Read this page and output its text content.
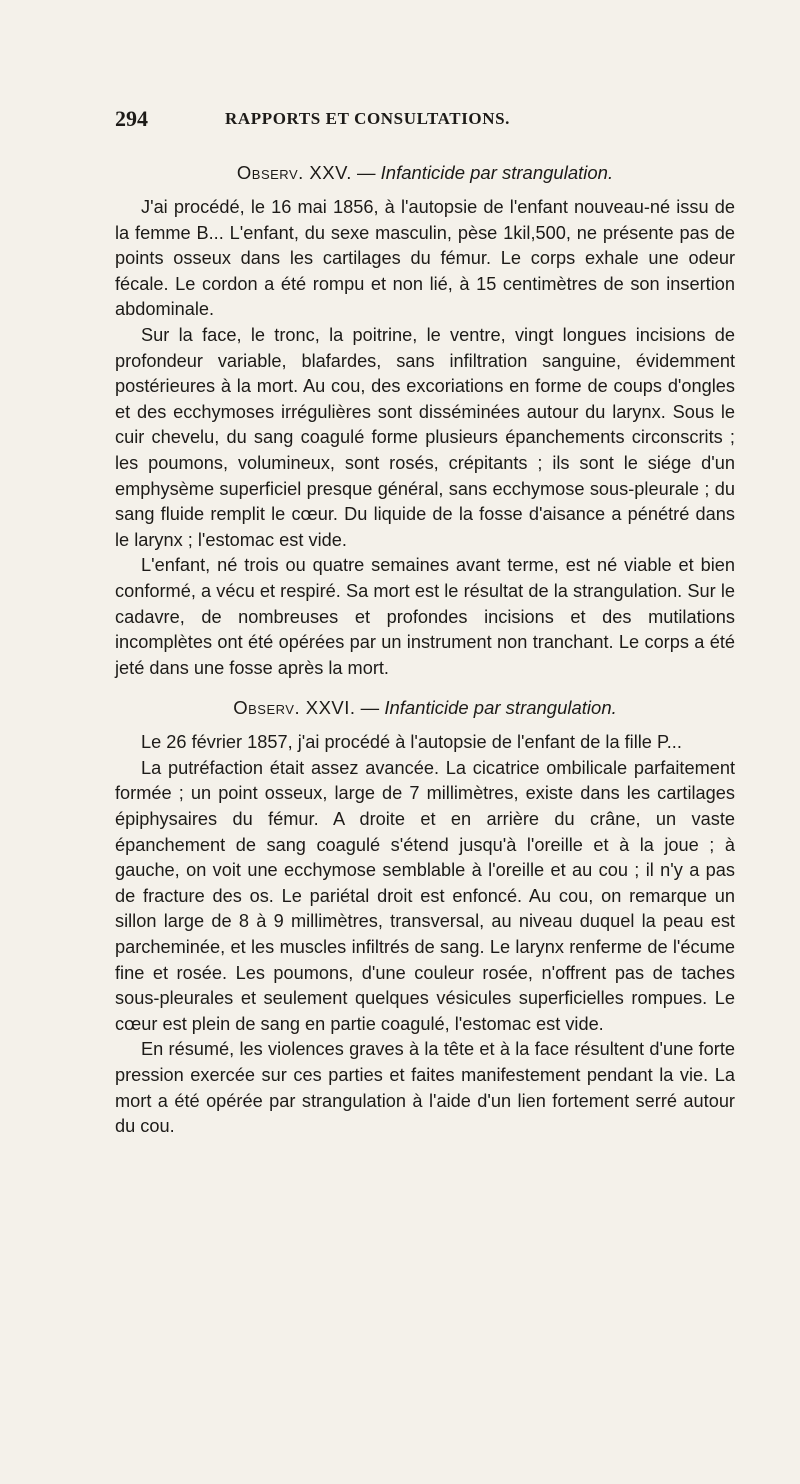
294	RAPPORTS ET CONSULTATIONS.
Observ. XXV. — Infanticide par strangulation.

J'ai procédé, le 16 mai 1856, à l'autopsie de l'enfant nouveau-né issu de la femme B... L'enfant, du sexe masculin, pèse 1kil,500, ne présente pas de points osseux dans les cartilages du fémur. Le corps exhale une odeur fécale. Le cordon a été rompu et non lié, à 15 centimètres de son insertion abdominale.

Sur la face, le tronc, la poitrine, le ventre, vingt longues incisions de profondeur variable, blafardes, sans infiltration sanguine, évidemment postérieures à la mort. Au cou, des excoriations en forme de coups d'ongles et des ecchymoses irrégulières sont disséminées autour du larynx. Sous le cuir chevelu, du sang coagulé forme plusieurs épanchements circonscrits ; les poumons, volumineux, sont rosés, crépitants ; ils sont le siége d'un emphysème superficiel presque général, sans ecchymose sous-pleurale ; du sang fluide remplit le cœur. Du liquide de la fosse d'aisance a pénétré dans le larynx ; l'estomac est vide.

L'enfant, né trois ou quatre semaines avant terme, est né viable et bien conformé, a vécu et respiré. Sa mort est le résultat de la strangulation. Sur le cadavre, de nombreuses et profondes incisions et des mutilations incomplètes ont été opérées par un instrument non tranchant. Le corps a été jeté dans une fosse après la mort.

Observ. XXVI. — Infanticide par strangulation.

Le 26 février 1857, j'ai procédé à l'autopsie de l'enfant de la fille P...

La putréfaction était assez avancée. La cicatrice ombilicale parfaitement formée ; un point osseux, large de 7 millimètres, existe dans les cartilages épiphysaires du fémur. A droite et en arrière du crâne, un vaste épanchement de sang coagulé s'étend jusqu'à l'oreille et à la joue ; à gauche, on voit une ecchymose semblable à l'oreille et au cou ; il n'y a pas de fracture des os. Le pariétal droit est enfoncé. Au cou, on remarque un sillon large de 8 à 9 millimètres, transversal, au niveau duquel la peau est parcheminée, et les muscles infiltrés de sang. Le larynx renferme de l'écume fine et rosée. Les poumons, d'une couleur rosée, n'offrent pas de taches sous-pleurales et seulement quelques vésicules superficielles rompues. Le cœur est plein de sang en partie coagulé, l'estomac est vide.

En résumé, les violences graves à la tête et à la face résultent d'une forte pression exercée sur ces parties et faites manifestement pendant la vie. La mort a été opérée par strangulation à l'aide d'un lien fortement serré autour du cou.
